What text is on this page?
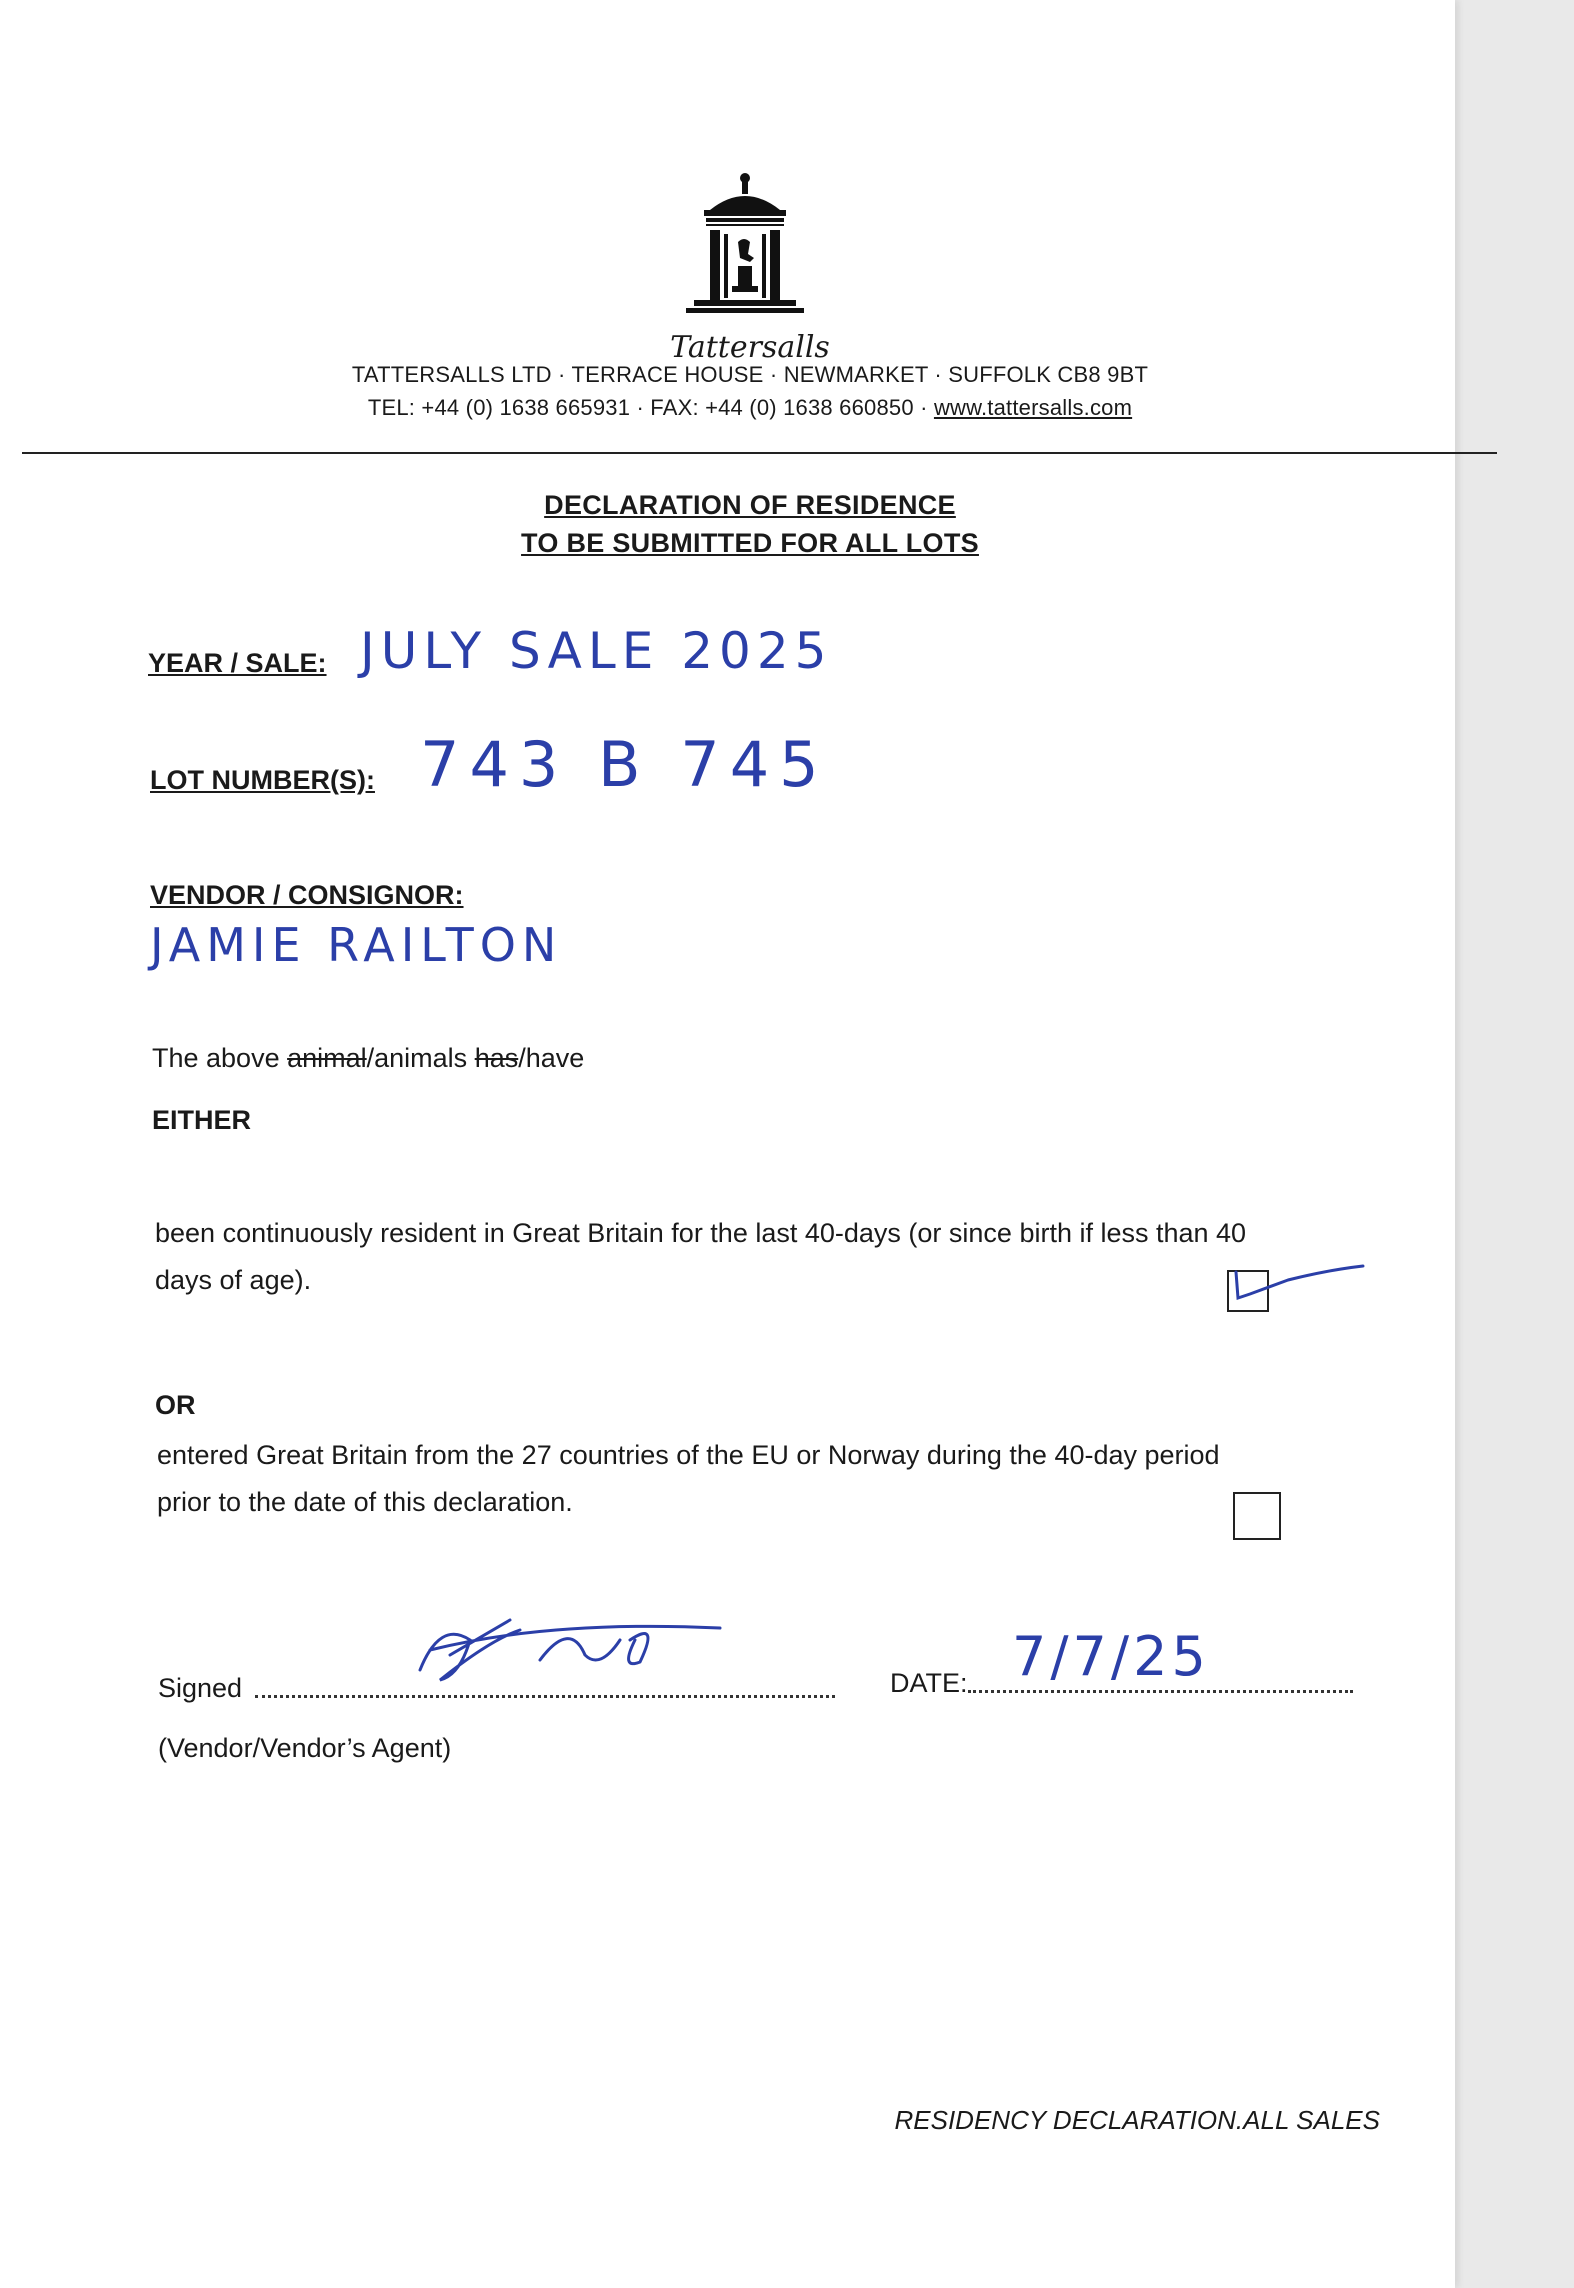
Tattersalls
TATTERSALLS LTD · TERRACE HOUSE · NEWMARKET · SUFFOLK CB8 9BT
TEL: +44 (0) 1638 665931 · FAX: +44 (0) 1638 660850 · www.tattersalls.com
DECLARATION OF RESIDENCE
TO BE SUBMITTED FOR ALL LOTS
YEAR / SALE: JULY SALE 2025
LOT NUMBER(S): 743 B 745
VENDOR / CONSIGNOR:
JAMIE RAILTON
The above animal/animals has/have
EITHER
been continuously resident in Great Britain for the last 40-days (or since birth if less than 40
days of age).
OR
entered Great Britain from the 27 countries of the EU or Norway during the 40-day period
prior to the date of this declaration.
Signed
(Vendor/Vendor’s Agent)
DATE: 7/7/25
RESIDENCY DECLARATION.ALL SALES
